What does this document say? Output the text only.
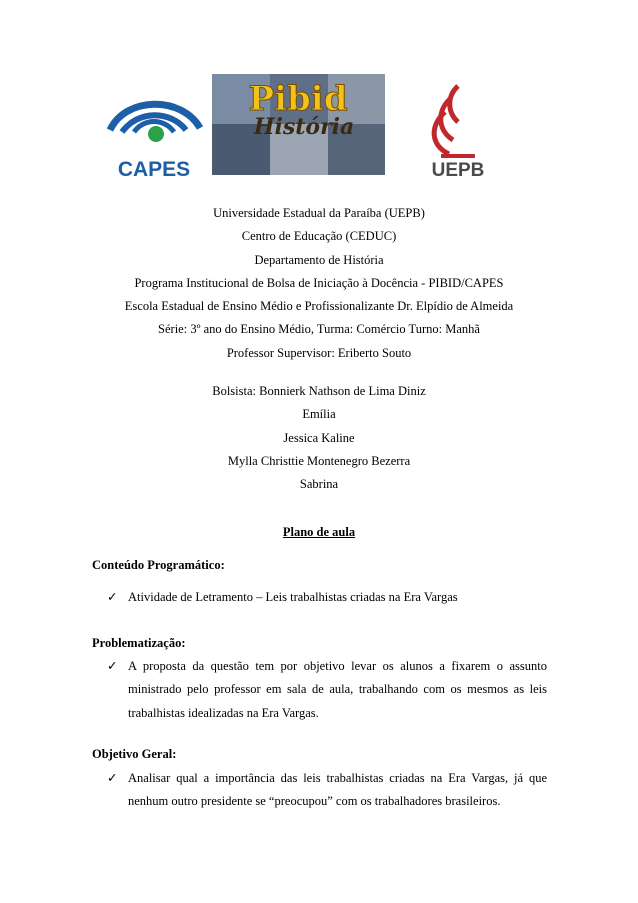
CAPES
Pibid
História
UEPB
Universidade Estadual da Paraíba (UEPB)
Centro de Educação (CEDUC)
Departamento de História
Programa Institucional de Bolsa de Iniciação à Docência - PIBID/CAPES
Escola Estadual de Ensino Médio e Profissionalizante Dr. Elpídio de Almeida
Série: 3º ano do Ensino Médio, Turma: Comércio Turno: Manhã
Professor Supervisor: Eriberto Souto
Bolsista: Bonnierk Nathson de Lima Diniz
Emília
Jessica Kaline
Mylla Christtie Montenegro Bezerra
Sabrina
Plano de aula
Conteúdo Programático:
✓ Atividade de Letramento – Leis trabalhistas criadas na Era Vargas
Problematização:
✓ A proposta da questão tem por objetivo levar os alunos a fixarem o assunto ministrado pelo professor em sala de aula, trabalhando com os mesmos as leis trabalhistas idealizadas na Era Vargas.
Objetivo Geral:
✓ Analisar qual a importância das leis trabalhistas criadas na Era Vargas, já que nenhum outro presidente se “preocupou” com os trabalhadores brasileiros.
